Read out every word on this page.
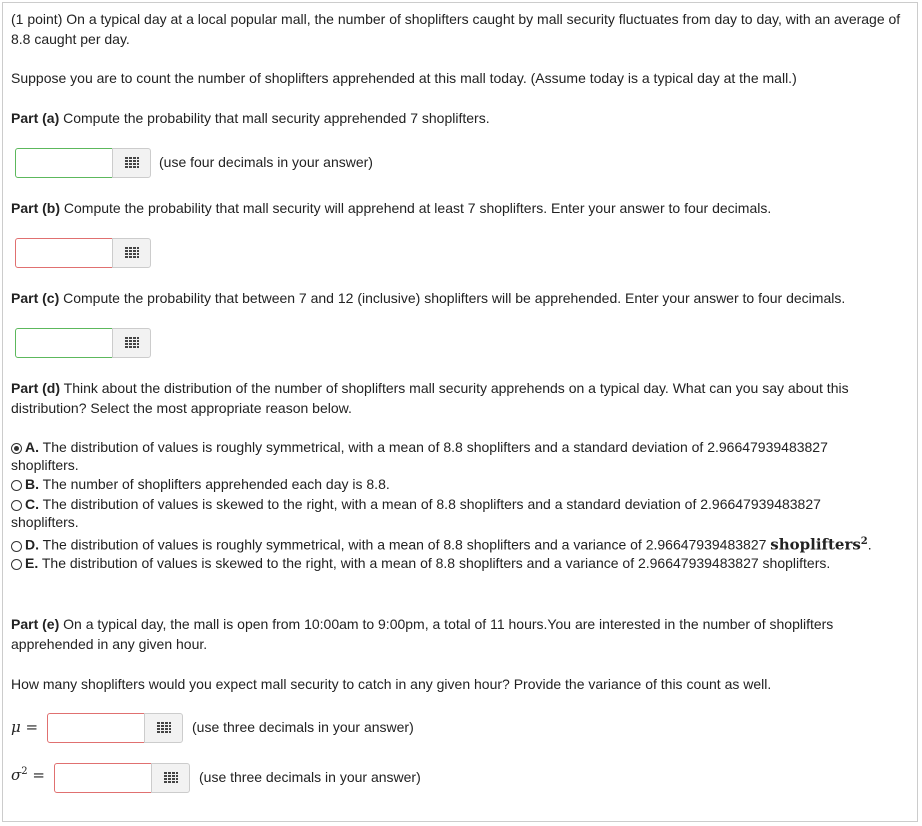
(1 point) On a typical day at a local popular mall, the number of shoplifters caught by mall security fluctuates from day to day, with an average of 8.8 caught per day.

Suppose you are to count the number of shoplifters apprehended at this mall today. (Assume today is a typical day at the mall.)

Part (a) Compute the probability that mall security apprehended 7 shoplifters.

(use four decimals in your answer)

Part (b) Compute the probability that mall security will apprehend at least 7 shoplifters. Enter your answer to four decimals.

Part (c) Compute the probability that between 7 and 12 (inclusive) shoplifters will be apprehended. Enter your answer to four decimals.

Part (d) Think about the distribution of the number of shoplifters mall security apprehends on a typical day. What can you say about this distribution? Select the most appropriate reason below.

A. The distribution of values is roughly symmetrical, with a mean of 8.8 shoplifters and a standard deviation of 2.96647939483827 shoplifters.
B. The number of shoplifters apprehended each day is 8.8.
C. The distribution of values is skewed to the right, with a mean of 8.8 shoplifters and a standard deviation of 2.96647939483827 shoplifters.
D. The distribution of values is roughly symmetrical, with a mean of 8.8 shoplifters and a variance of 2.96647939483827 shoplifters$^2$.
E. The distribution of values is skewed to the right, with a mean of 8.8 shoplifters and a variance of 2.96647939483827 shoplifters.

Part (e) On a typical day, the mall is open from 10:00am to 9:00pm, a total of 11 hours.You are interested in the number of shoplifters apprehended in any given hour.

How many shoplifters would you expect mall security to catch in any given hour? Provide the variance of this count as well.

μ =	(use three decimals in your answer)
$\sigma^2$ =	(use three decimals in your answer)
